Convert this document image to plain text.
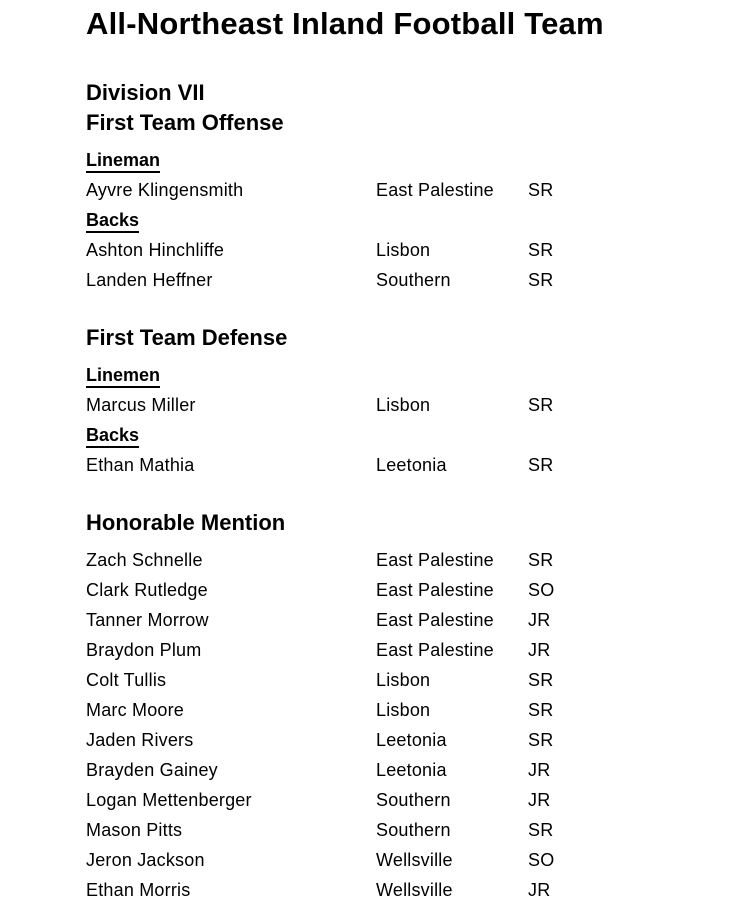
All-Northeast Inland Football Team
Division VII
First Team Offense
Lineman
Ayvre Klingensmith	East Palestine	SR
Backs
Ashton Hinchliffe	Lisbon	SR
Landen Heffner	Southern	SR
First Team Defense
Linemen
Marcus Miller	Lisbon	SR
Backs
Ethan Mathia	Leetonia	SR
Honorable Mention
Zach Schnelle	East Palestine	SR
Clark Rutledge	East Palestine	SO
Tanner Morrow	East Palestine	JR
Braydon Plum	East Palestine	JR
Colt Tullis	Lisbon	SR
Marc Moore	Lisbon	SR
Jaden Rivers	Leetonia	SR
Brayden Gainey	Leetonia	JR
Logan Mettenberger	Southern	JR
Mason Pitts	Southern	SR
Jeron Jackson	Wellsville	SO
Ethan Morris	Wellsville	JR
